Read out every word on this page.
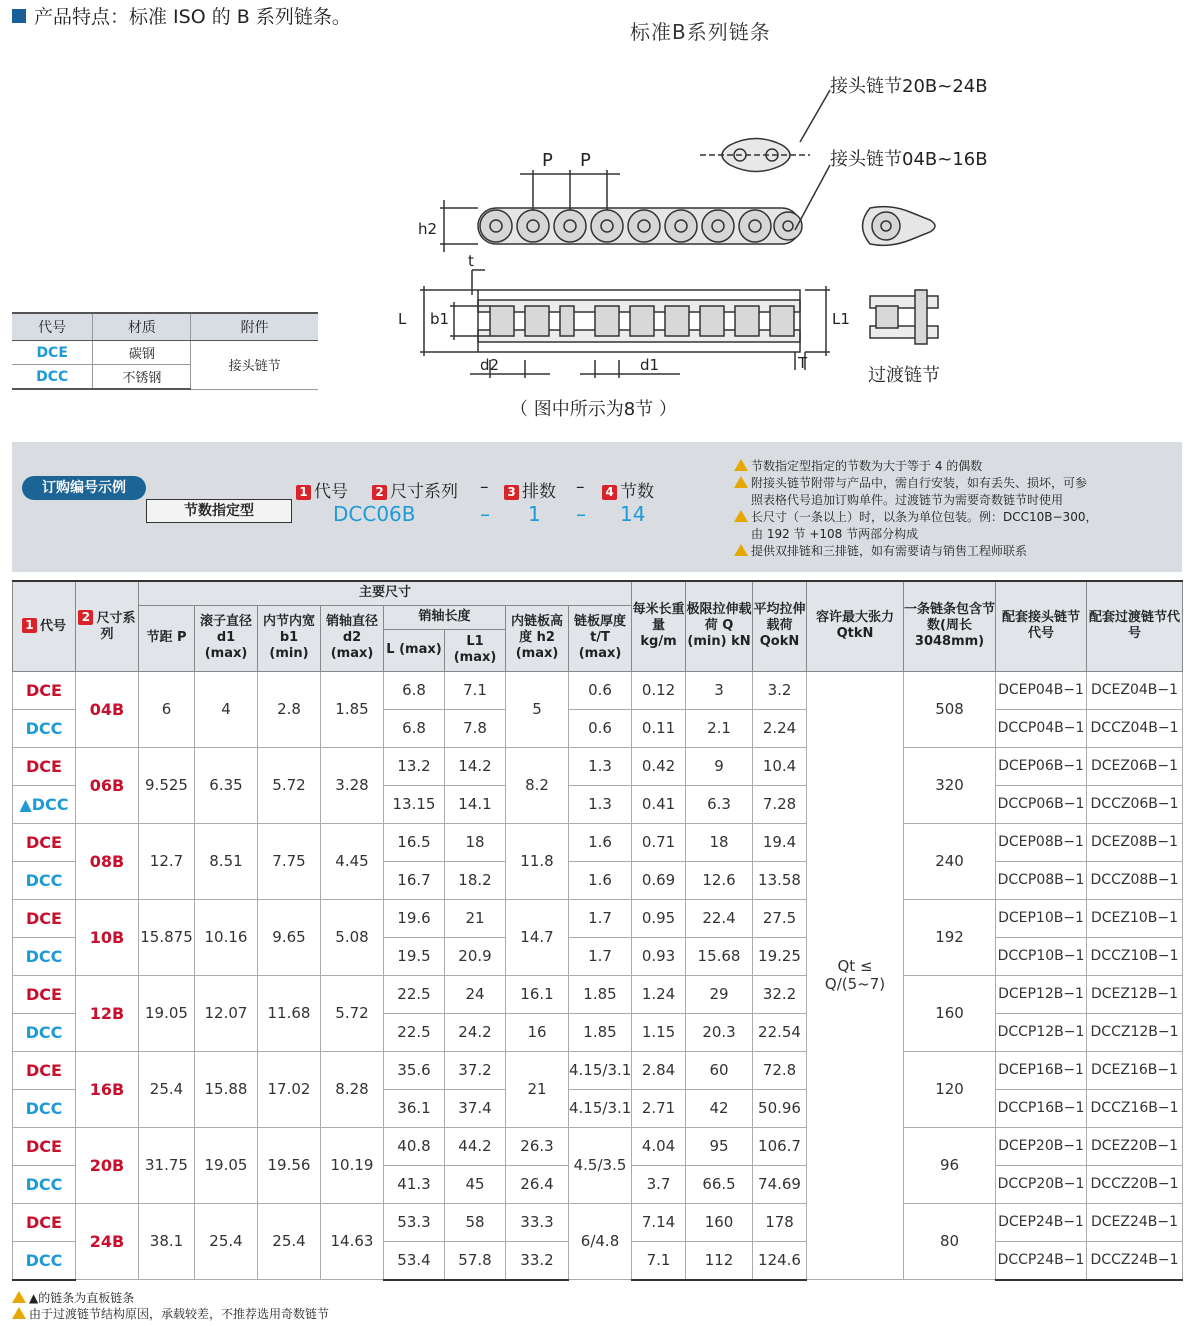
产品特点：标准 ISO 的 B 系列链条。
标准B系列链条
P P
h2
t
L b1
d2	d1	T
L1
接头链节20B~24B
接头链节04B~16B
过渡链节
（ 图中所示为8节 ）
代号	材质	附件
DCE	碳钢	接头链节
DCC	不锈钢	
订购编号示例
节数指定型
1 代号 2 尺寸系列 – 3 排数 – 4 节数
DCC06B	– 1 – 14
节数指定型指定的节数为大于等于 4 的偶数
附接头链节附带与产品中，需自行安装，如有丢失、损坏，可参
照表格代号追加订购单件。过渡链节为需要奇数链节时使用
长尺寸（一条以上）时，以条为单位包装。例：DCC10B−300，
由 192 节 +108 节两部分构成
提供双排链和三排链，如有需要请与销售工程师联系
1 代号	2 尺寸系列	主要尺寸								每米长重量 kg/m	极限拉伸载荷 Q (min) kN	平均拉伸载荷 QokN	容许最大张力 QtkN	一条链条包含节数(周长3048mm)	配套接头链节代号	配套过渡链节代号
		节距 P	滚子直径 d1 (max)	内节内宽 b1 (min)	销轴直径 d2 (max)	销轴长度		内链板高度 h2 (max)	链板厚度 t/T (max)							
						L (max)	L1 (max)									
DCE	04B	6	4	2.8	1.85	6.8	7.1	5	0.6	0.12	3	3.2	Qt ≤ Q/(5~7)	508	DCEP04B−1	DCEZ04B−1
DCC						6.8	7.8		0.6	0.11	2.1	2.24			DCCP04B−1	DCCZ04B−1
DCE	06B	9.525	6.35	5.72	3.28	13.2	14.2	8.2	1.3	0.42	9	10.4		320	DCEP06B−1	DCEZ06B−1
▲DCC						13.15	14.1		1.3	0.41	6.3	7.28			DCCP06B−1	DCCZ06B−1
DCE	08B	12.7	8.51	7.75	4.45	16.5	18	11.8	1.6	0.71	18	19.4		240	DCEP08B−1	DCEZ08B−1
DCC						16.7	18.2		1.6	0.69	12.6	13.58			DCCP08B−1	DCCZ08B−1
DCE	10B	15.875	10.16	9.65	5.08	19.6	21	14.7	1.7	0.95	22.4	27.5		192	DCEP10B−1	DCEZ10B−1
DCC						19.5	20.9		1.7	0.93	15.68	19.25			DCCP10B−1	DCCZ10B−1
DCE	12B	19.05	12.07	11.68	5.72	22.5	24	16.1	1.85	1.24	29	32.2		160	DCEP12B−1	DCEZ12B−1
DCC						22.5	24.2	16	1.85	1.15	20.3	22.54			DCCP12B−1	DCCZ12B−1
DCE	16B	25.4	15.88	17.02	8.28	35.6	37.2	21	4.15/3.1	2.84	60	72.8		120	DCEP16B−1	DCEZ16B−1
DCC						36.1	37.4		4.15/3.1	2.71	42	50.96			DCCP16B−1	DCCZ16B−1
DCE	20B	31.75	19.05	19.56	10.19	40.8	44.2	26.3	4.5/3.5	4.04	95	106.7		96	DCEP20B−1	DCEZ20B−1
DCC						41.3	45	26.4		3.7	66.5	74.69			DCCP20B−1	DCCZ20B−1
DCE	24B	38.1	25.4	25.4	14.63	53.3	58	33.3	6/4.8	7.14	160	178		80	DCEP24B−1	DCEZ24B−1
DCC						53.4	57.8	33.2		7.1	112	124.6			DCCP24B−1	DCCZ24B−1
▲的链条为直板链条
由于过渡链节结构原因，承载较差，不推荐选用奇数链节
